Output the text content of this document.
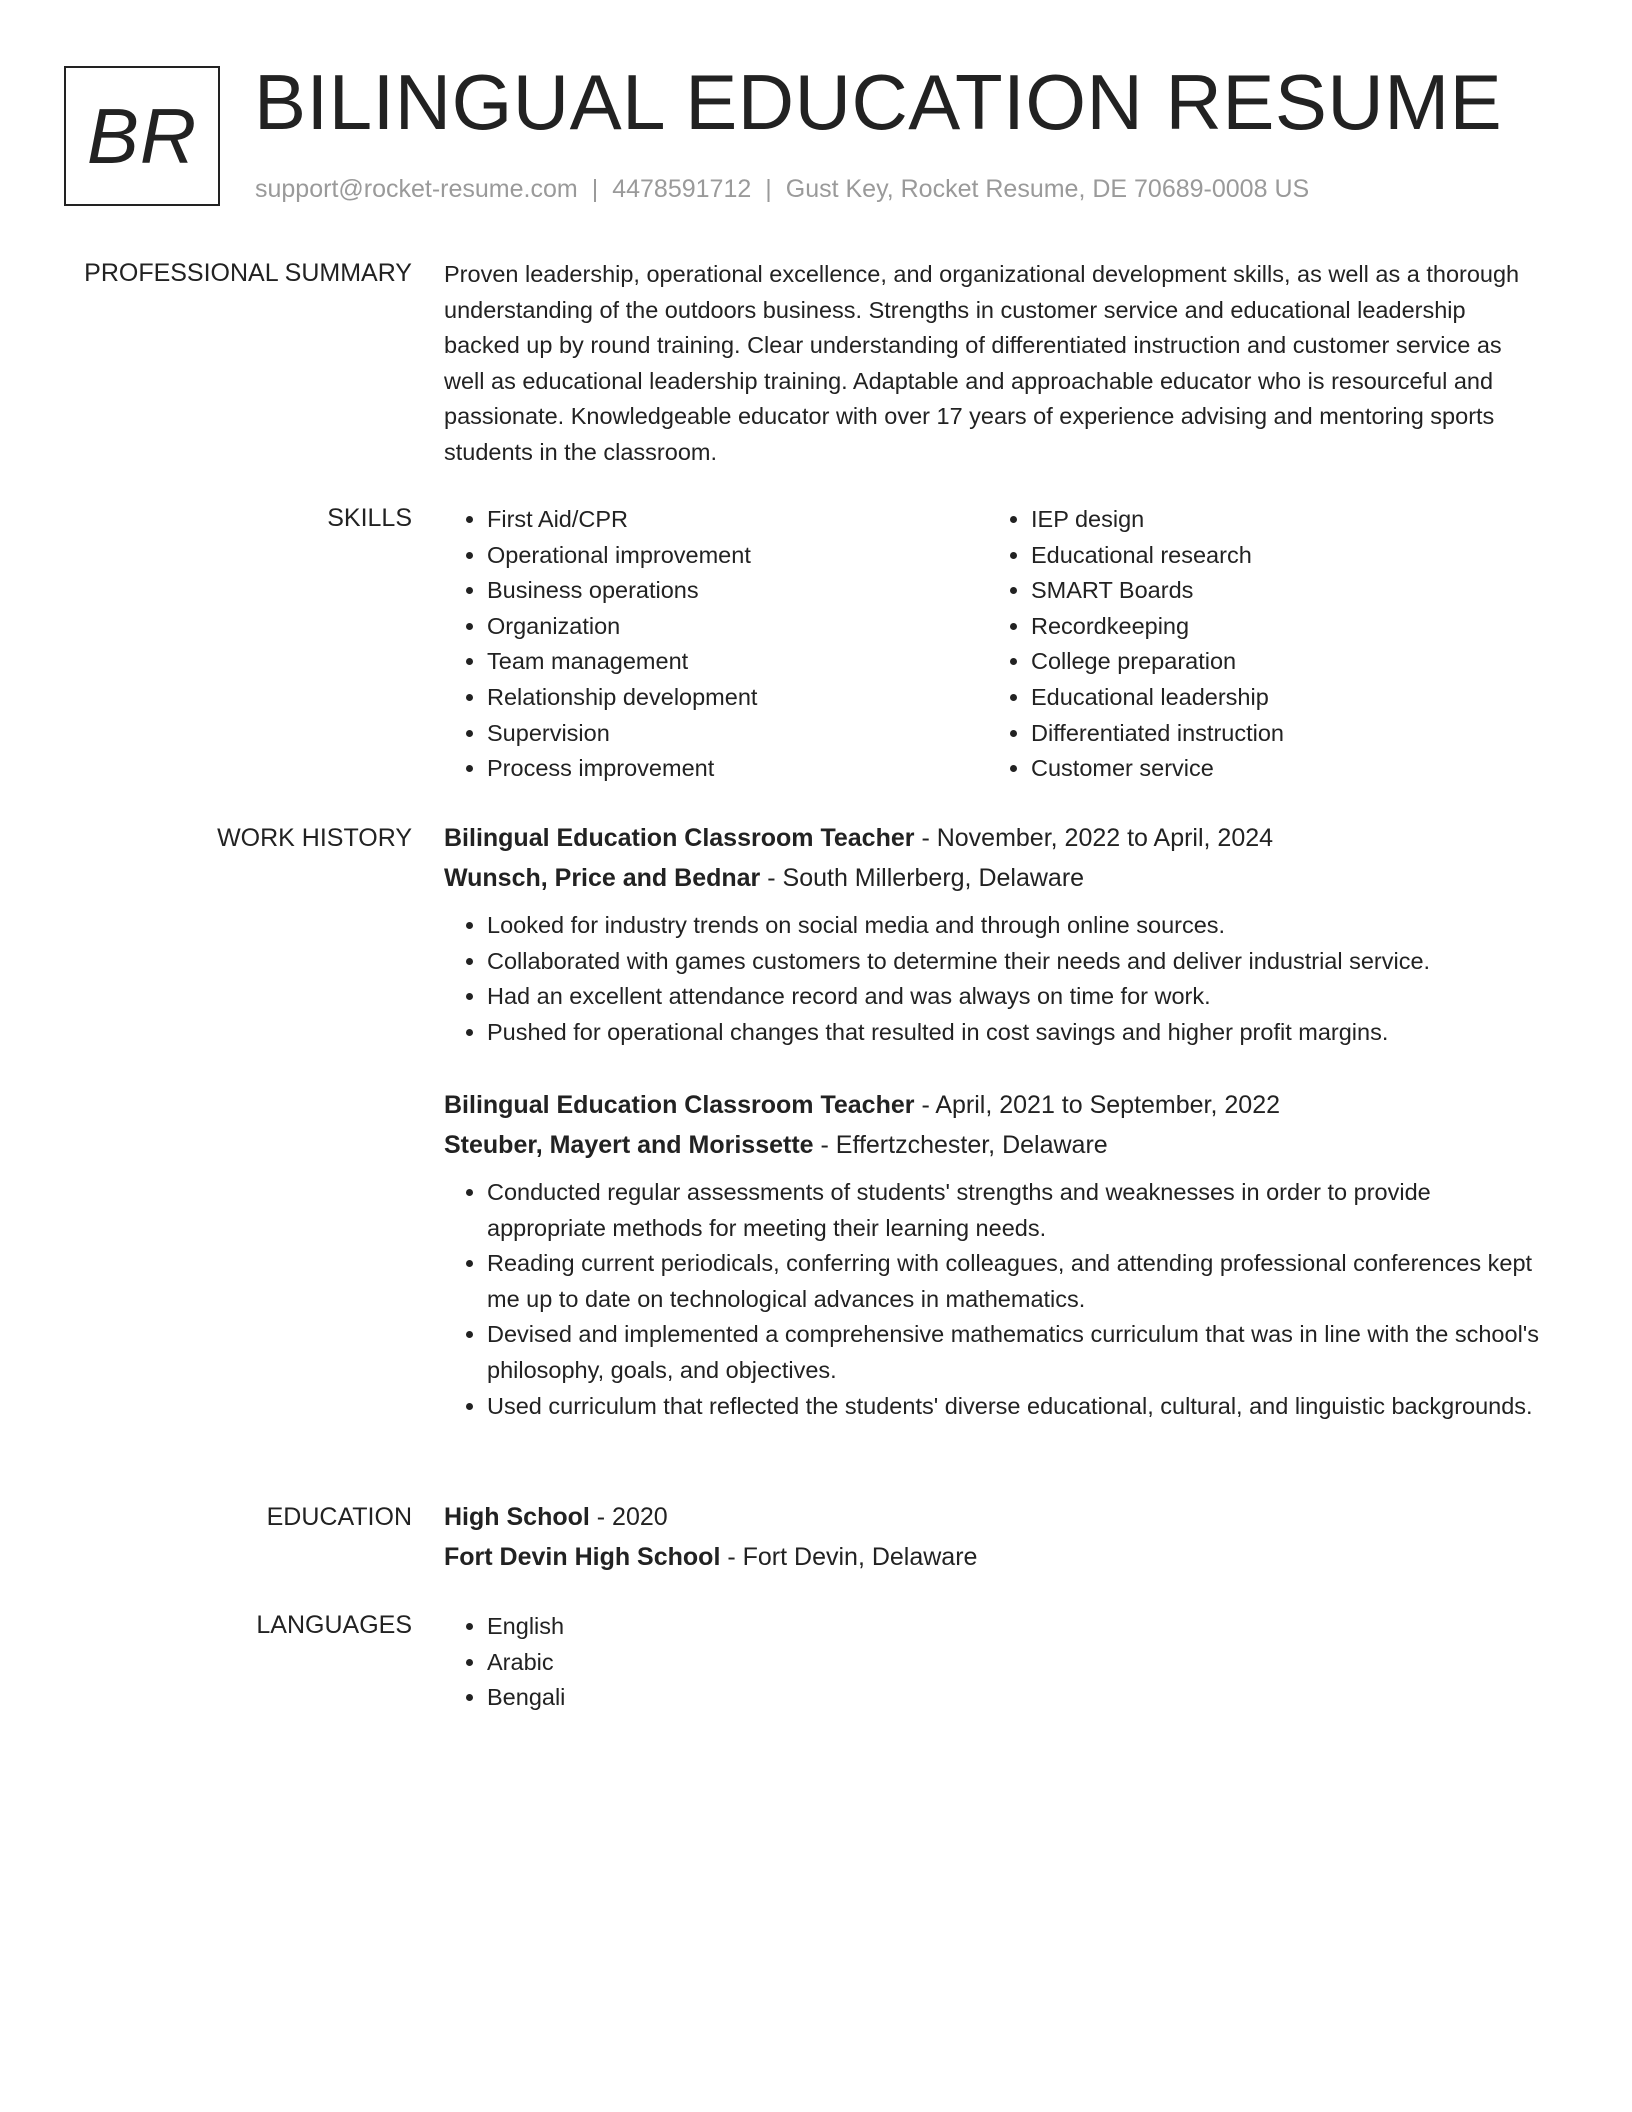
BR BILINGUAL EDUCATION RESUME
support@rocket-resume.com | 4478591712 | Gust Key, Rocket Resume, DE 70689-0008 US
PROFESSIONAL SUMMARY Proven leadership, operational excellence, and organizational development skills, as well as a thorough understanding of the outdoors business. Strengths in customer service and educational leadership backed up by round training. Clear understanding of differentiated instruction and customer service as well as educational leadership training. Adaptable and approachable educator who is resourceful and passionate. Knowledgeable educator with over 17 years of experience advising and mentoring sports students in the classroom.

SKILLS	• First Aid/CPR
• Operational improvement
• Business operations
• Organization
• Team management
• Relationship development
• Supervision
• Process improvement
• IEP design
• Educational research
• SMART Boards
• Recordkeeping
• College preparation
• Educational leadership
• Differentiated instruction
• Customer service
WORK HISTORY Bilingual Education Classroom Teacher - November, 2022 to April, 2024
Wunsch, Price and Bednar - South Millerberg, Delaware
• Looked for industry trends on social media and through online sources.
• Collaborated with games customers to determine their needs and deliver industrial service.
• Had an excellent attendance record and was always on time for work.
• Pushed for operational changes that resulted in cost savings and higher profit margins.
Bilingual Education Classroom Teacher - April, 2021 to September, 2022
Steuber, Mayert and Morissette - Effertzchester, Delaware
• Conducted regular assessments of students' strengths and weaknesses in order to provide appropriate methods for meeting their learning needs.
• Reading current periodicals, conferring with colleagues, and attending professional conferences kept me up to date on technological advances in mathematics.
• Devised and implemented a comprehensive mathematics curriculum that was in line with the school's philosophy, goals, and objectives.
• Used curriculum that reflected the students' diverse educational, cultural, and linguistic backgrounds.
EDUCATION High School - 2020
Fort Devin High School - Fort Devin, Delaware
LANGUAGES	• English
• Arabic
• Bengali
